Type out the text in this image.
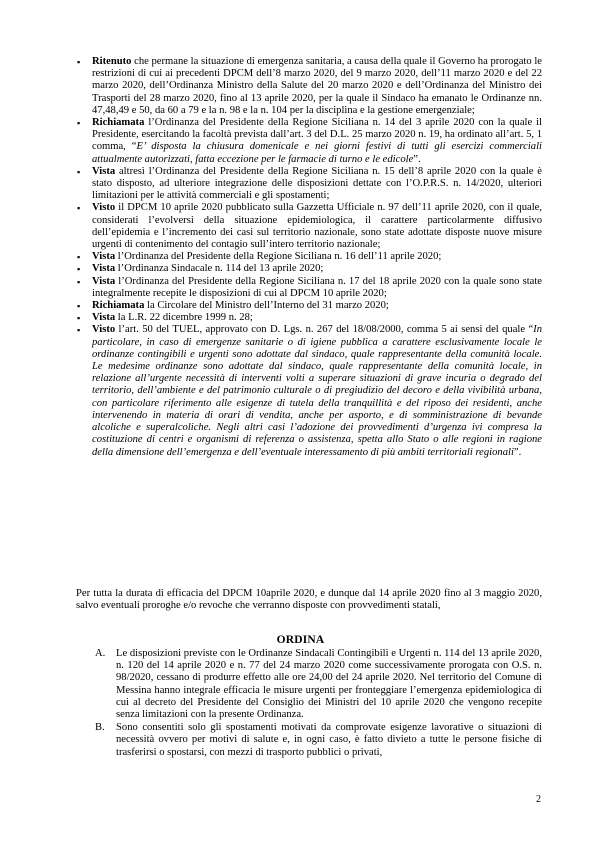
▪ Ritenuto che permane la situazione di emergenza sanitaria, a causa della quale il Governo ha prorogato le restrizioni di cui ai precedenti DPCM dell’8 marzo 2020, del 9 marzo 2020, dell’11 marzo 2020 e del 22 marzo 2020, dell’Ordinanza Ministro della Salute del 20 marzo 2020 e dell’Ordinanza del Ministro dei Trasporti del 28 marzo 2020, fino al 13 aprile 2020, per la quale il Sindaco ha emanato le Ordinanze nn. 47,48,49 e 50, da 60 a 79 e la n. 98 e la n. 104 per la disciplina e la gestione emergenziale;
▪ Richiamata l’Ordinanza del Presidente della Regione Siciliana n. 14 del 3 aprile 2020 con la quale il Presidente, esercitando la facoltà prevista dall’art. 3 del D.L. 25 marzo 2020 n. 19, ha ordinato all’art. 5, 1 comma, “E’ disposta la chiusura domenicale e nei giorni festivi di tutti gli esercizi commerciali attualmente autorizzati, fatta eccezione per le farmacie di turno e le edicole”.
▪ Vista altresì l’Ordinanza del Presidente della Regione Siciliana n. 15 dell’8 aprile 2020 con la quale è stato disposto, ad ulteriore integrazione delle disposizioni dettate con l’O.P.R.S. n. 14/2020, ulteriori limitazioni per le attività commerciali e gli spostamenti;
▪ Visto il DPCM 10 aprile 2020 pubblicato sulla Gazzetta Ufficiale n. 97 dell’11 aprile 2020, con il quale, considerati l’evolversi della situazione epidemiologica, il carattere particolarmente diffusivo dell’epidemia e l’incremento dei casi sul territorio nazionale, sono state adottate disposte nuove misure urgenti di contenimento del contagio sull’intero territorio nazionale;
▪ Vista l’Ordinanza del Presidente della Regione Siciliana n. 16 dell’11 aprile 2020;
▪ Vista l’Ordinanza Sindacale n. 114 del 13 aprile 2020;
▪ Vista l’Ordinanza del Presidente della Regione Siciliana n. 17 del 18 aprile 2020 con la quale sono state integralmente recepite le disposizioni di cui al DPCM 10 aprile 2020;
▪ Richiamata la Circolare del Ministro dell’Interno del 31 marzo 2020;
▪ Vista la L.R. 22 dicembre 1999 n. 28;
▪ Visto l’art. 50 del TUEL, approvato con D. Lgs. n. 267 del 18/08/2000, comma 5 ai sensi del quale “In particolare, in caso di emergenze sanitarie o di igiene pubblica a carattere esclusivamente locale le ordinanze contingibili e urgenti sono adottate dal sindaco, quale rappresentante della comunità locale. Le medesime ordinanze sono adottate dal sindaco, quale rappresentante della comunità locale, in relazione all’urgente necessità di interventi volti a superare situazioni di grave incuria o degrado del territorio, dell’ambiente e del patrimonio culturale o di pregiudizio del decoro e della vivibilità urbana, con particolare riferimento alle esigenze di tutela della tranquillità e del riposo dei residenti, anche intervenendo in materia di orari di vendita, anche per asporto, e di somministrazione di bevande alcoliche e superalcoliche. Negli altri casi l’adozione dei provvedimenti d’urgenza ivi compresa la costituzione di centri e organismi di referenza o assistenza, spetta allo Stato o alle regioni in ragione della dimensione dell’emergenza e dell’eventuale interessamento di più ambiti territoriali regionali”.

Per tutta la durata di efficacia del DPCM 10aprile 2020, e dunque dal 14 aprile 2020 fino al 3 maggio 2020, salvo eventuali proroghe e/o revoche che verranno disposte con provvedimenti statali,

ORDINA
A. Le disposizioni previste con le Ordinanze Sindacali Contingibili e Urgenti n. 114 del 13 aprile 2020, n. 120 del 14 aprile 2020 e n. 77 del 24 marzo 2020 come successivamente prorogata con O.S. n. 98/2020, cessano di produrre effetto alle ore 24,00 del 24 aprile 2020. Nel territorio del Comune di Messina hanno integrale efficacia le misure urgenti per fronteggiare l’emergenza epidemiologica di cui al decreto del Presidente del Consiglio dei Ministri del 10 aprile 2020 che vengono recepite senza limitazioni con la presente Ordinanza.
B. Sono consentiti solo gli spostamenti motivati da comprovate esigenze lavorative o situazioni di necessità ovvero per motivi di salute e, in ogni caso, è fatto divieto a tutte le persone fisiche di trasferirsi o spostarsi, con mezzi di trasporto pubblici o privati,
2
